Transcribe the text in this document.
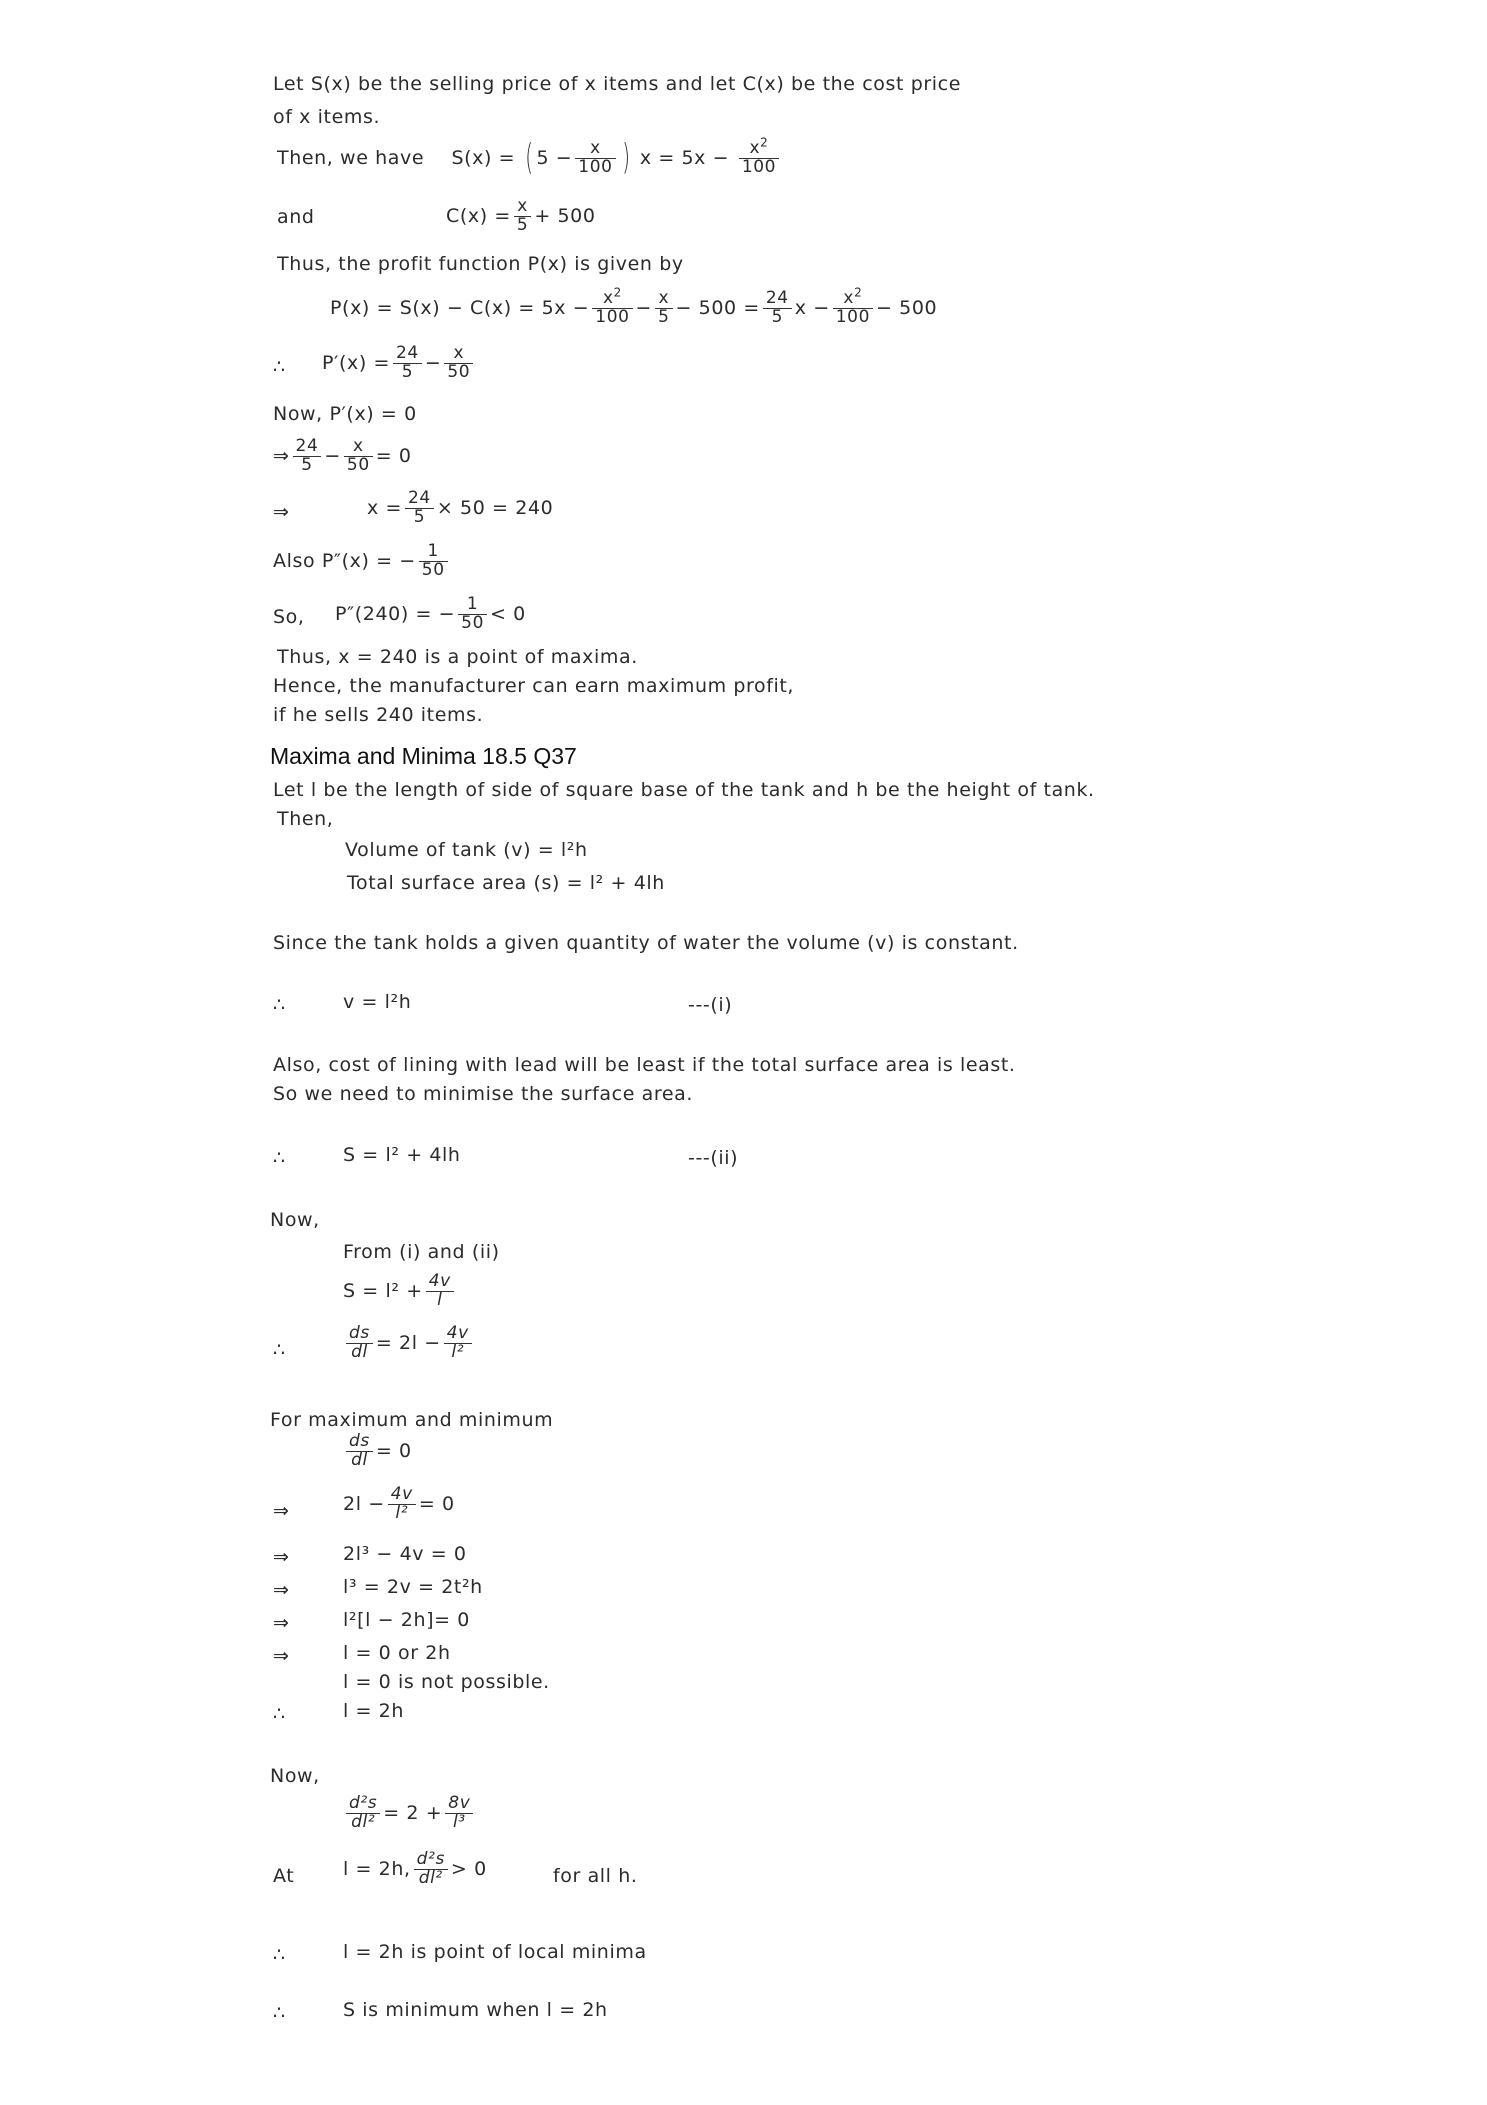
Let S(x) be the selling price of x items and let C(x) be the cost price
of x items.
Then, we have S(x) = ( $5 - \frac{x}{100}$ ) $x = 5x - \frac{x^2}{100}$
and	$C(x) = \frac{x}{5} + 500$
Thus, the profit function P(x) is given by
$P(x) = S(x) - C(x) = 5x - \frac{x^2}{100} - \frac{x}{5} - 500 = \frac{24}{5}$ $x - \frac{x^2}{100} - 500$
∴ $P'(x) = \frac{24}{5} - \frac{x}{50}$
Now, P′(x) = 0
⇒ $\frac{24}{5} - \frac{x}{50} = 0$
⇒	$x = \frac{24}{5} \times 50 = 240$
Also P″(x) = − $\frac{1}{50}$
So, P″(240) = − $\frac{1}{50} < 0$
Thus, x = 240 is a point of maxima.
Hence, the manufacturer can earn maximum profit,
if he sells 240 items.
Maxima and Minima 18.5 Q37
Let l be the length of side of square base of the tank and h be the height of tank.
Then,
Volume of tank (v) = l²h
Total surface area (s) = l² + 4lh
Since the tank holds a given quantity of water the volume (v) is constant.
∴	v = l²h	---(i)
Also, cost of lining with lead will be least if the total surface area is least.
So we need to minimise the surface area.
∴	S = l² + 4lh	---(ii)
Now,
From (i) and (ii)
$S = l^2 + \frac{4v}{l}$
∴	$\frac{ds}{dl} = 2l - \frac{4v}{\text{l²}}$
For maximum and minimum
$\frac{ds}{dl} = 0$
⇒	$2l - \frac{4v}{\text{l²}} = 0$
⇒	2l³ − 4v = 0
⇒	l³ = 2v = 2t²h
⇒	l²[l − 2h]= 0
⇒	l = 0 or 2h
l = 0 is not possible.
∴	l = 2h
Now,
$\frac{\text{d²s}}{\text{dl²}} = 2 + \frac{8v}{\text{l³}}$
At	l = 2h, $\frac{\text{d²s}}{\text{dl²}} > 0$	for all h.
∴	l = 2h is point of local minima
∴	S is minimum when l = 2h
